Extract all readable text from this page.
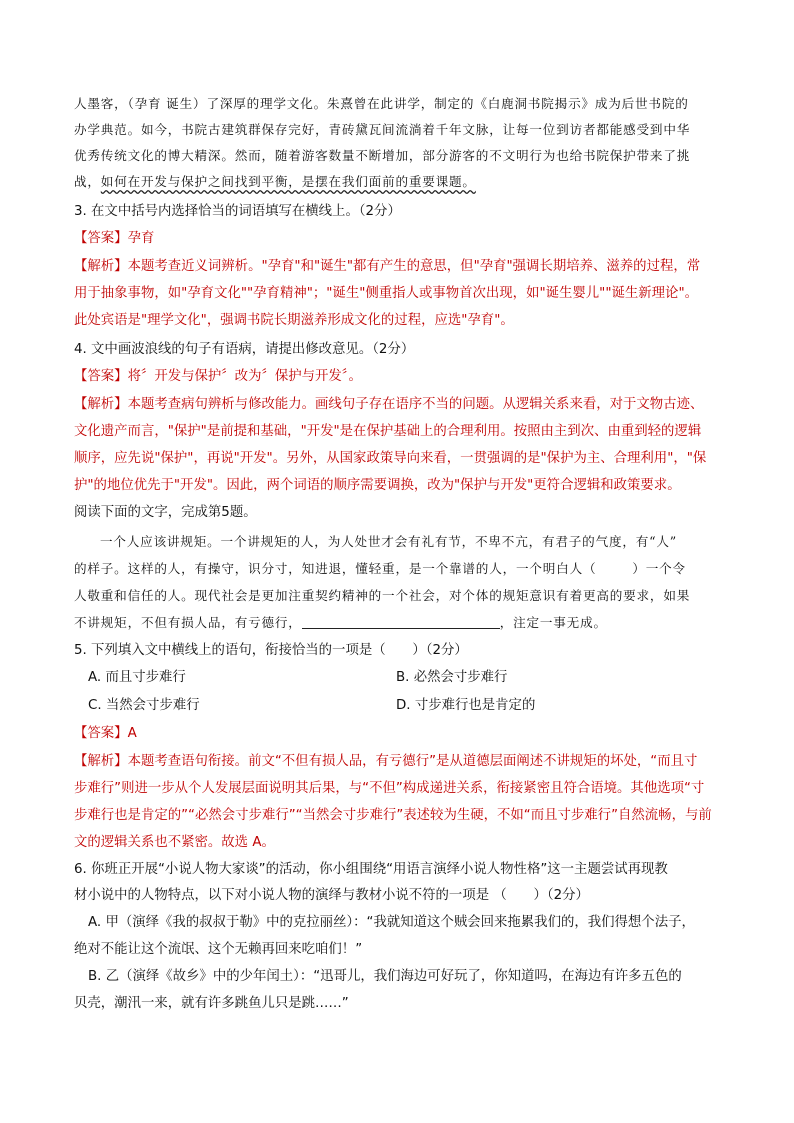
人墨客，（孕育 诞生）了深厚的理学文化。朱熹曾在此讲学，制定的《白鹿洞书院揭示》成为后世书院的
办学典范。如今，书院古建筑群保存完好，青砖黛瓦间流淌着千年文脉，让每一位到访者都能感受到中华
优秀传统文化的博大精深。然而，随着游客数量不断增加，部分游客的不文明行为也给书院保护带来了挑
战，如何在开发与保护之间找到平衡，是摆在我们面前的重要课题。
3. 在文中括号内选择恰当的词语填写在横线上。（2分）
【答案】孕育
【解析】本题考查近义词辨析。"孕育"和"诞生"都有产生的意思，但"孕育"强调长期培养、滋养的过程，常
用于抽象事物，如"孕育文化""孕育精神"；"诞生"侧重指人或事物首次出现，如"诞生婴儿""诞生新理论"。
此处宾语是"理学文化"，强调书院长期滋养形成文化的过程，应选"孕育"。
4. 文中画波浪线的句子有语病，请提出修改意见。（2分）
【答案】将〞开发与保护〞改为〞保护与开发〞。
【解析】本题考查病句辨析与修改能力。画线句子存在语序不当的问题。从逻辑关系来看，对于文物古迹、
文化遗产而言，"保护"是前提和基础，"开发"是在保护基础上的合理利用。按照由主到次、由重到轻的逻辑
顺序，应先说"保护"，再说"开发"。另外，从国家政策导向来看，一贯强调的是"保护为主、合理利用"，"保
护"的地位优先于"开发"。因此，两个词语的顺序需要调换，改为"保护与开发"更符合逻辑和政策要求。
阅读下面的文字，完成第5题。
一个人应该讲规矩。一个讲规矩的人，为人处世才会有礼有节，不卑不亢，有君子的气度，有“人”
的样子。这样的人，有操守，识分寸，知进退，懂轻重，是一个靠谱的人，一个明白人（	）一个令
人敬重和信任的人。现代社会是更加注重契约精神的一个社会，对个体的规矩意识有着更高的要求，如果
不讲规矩，不但有损人品，有亏德行，	，注定一事无成。
5. 下列填入文中横线上的语句，衔接恰当的一项是（　　）（2分）
A. 而且寸步难行	B. 必然会寸步难行
C. 当然会寸步难行	D. 寸步难行也是肯定的
【答案】A
【解析】本题考查语句衔接。前文“不但有损人品，有亏德行”是从道德层面阐述不讲规矩的坏处，“而且寸
步难行”则进一步从个人发展层面说明其后果，与“不但”构成递进关系，衔接紧密且符合语境。其他选项“寸
步难行也是肯定的”“必然会寸步难行”“当然会寸步难行”表述较为生硬，不如“而且寸步难行”自然流畅，与前
文的逻辑关系也不紧密。故选 A。
6. 你班正开展“小说人物大家谈”的活动，你小组围绕“用语言演绎小说人物性格”这一主题尝试再现教
材小说中的人物特点，以下对小说人物的演绎与教材小说不符的一项是 （　　）（2分）
A. 甲（演绎《我的叔叔于勒》中的克拉丽丝）：“我就知道这个贼会回来拖累我们的，我们得想个法子，
绝对不能让这个流氓、这个无赖再回来吃咱们！”
B. 乙（演绎《故乡》中的少年闰土）：“迅哥儿，我们海边可好玩了，你知道吗，在海边有许多五色的
贝壳，潮汛一来，就有许多跳鱼儿只是跳……”
